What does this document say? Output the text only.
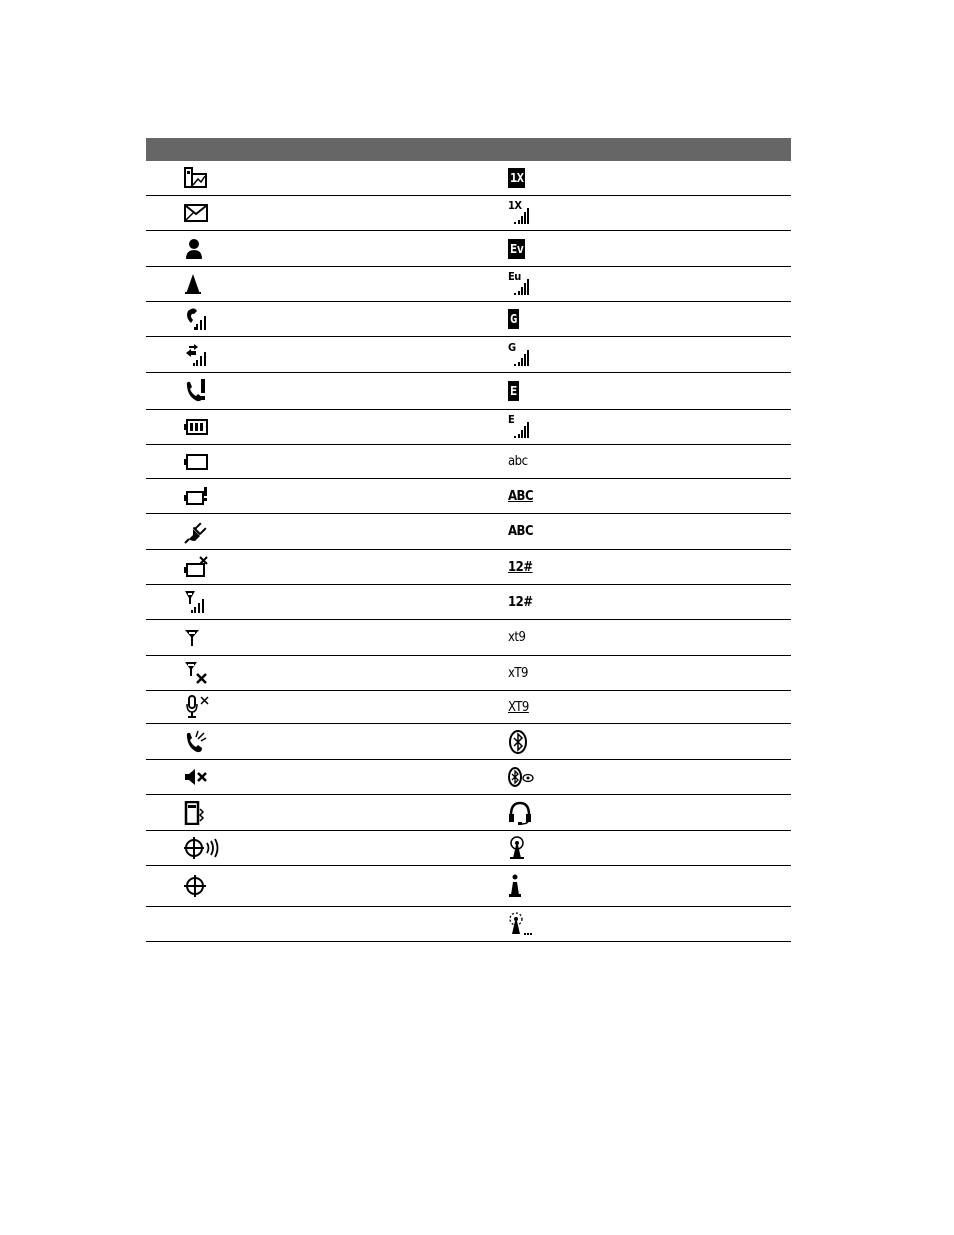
1X
1X
Ev
Eu
G
G
E
E
abc
ABC
ABC
12#
12#
xt9
xT9
XT9
